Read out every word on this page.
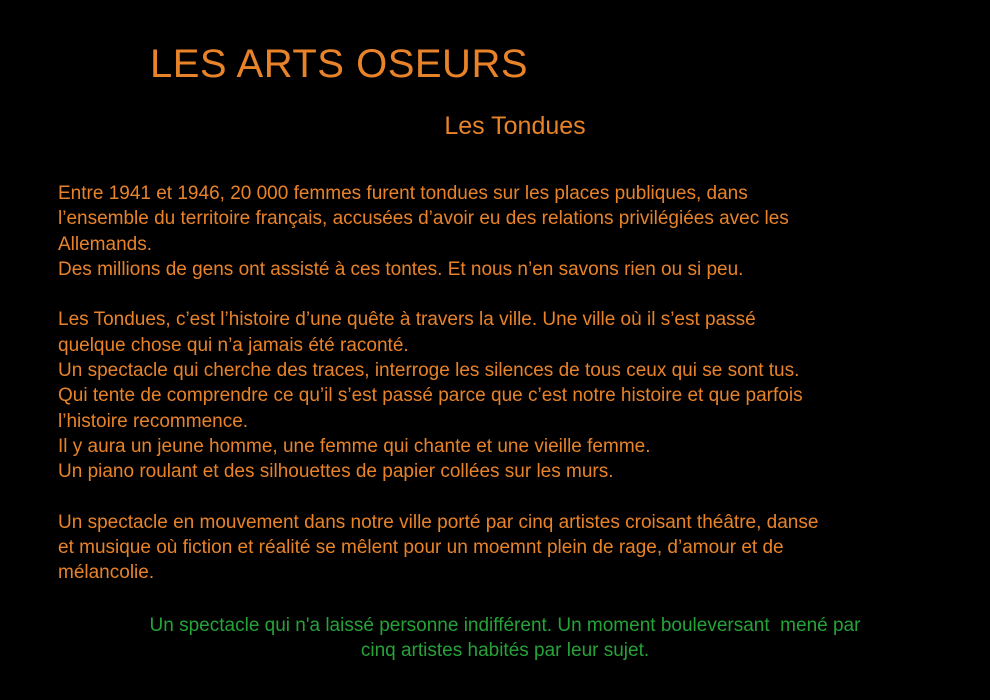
LES ARTS OSEURS
Les Tondues

Entre 1941 et 1946, 20 000 femmes furent tondues sur les places publiques, dans
l’ensemble du territoire français, accusées d’avoir eu des relations privilégiées avec les
Allemands.
Des millions de gens ont assisté à ces tontes. Et nous n’en savons rien ou si peu.

Les Tondues, c’est l’histoire d’une quête à travers la ville. Une ville où il s’est passé
quelque chose qui n’a jamais été raconté.
Un spectacle qui cherche des traces, interroge les silences de tous ceux qui se sont tus.
Qui tente de comprendre ce qu’il s’est passé parce que c’est notre histoire et que parfois
l’histoire recommence.
Il y aura un jeune homme, une femme qui chante et une vieille femme.
Un piano roulant et des silhouettes de papier collées sur les murs.

Un spectacle en mouvement dans notre ville porté par cinq artistes croisant théâtre, danse
et musique où fiction et réalité se mêlent pour un moemnt plein de rage, d’amour et de
mélancolie.

Un spectacle qui n'a laissé personne indifférent. Un moment bouleversant  mené par
cinq artistes habités par leur sujet.
